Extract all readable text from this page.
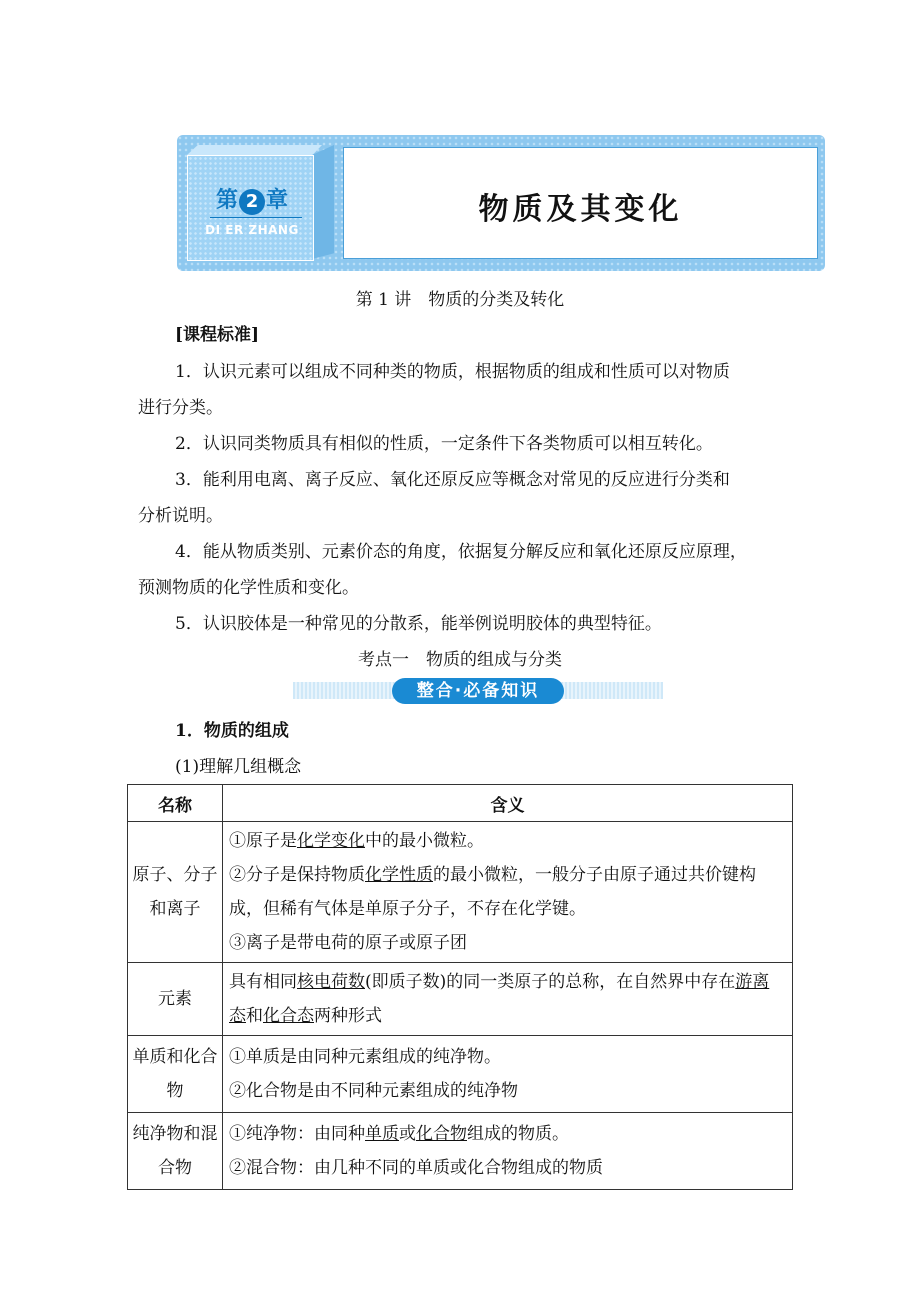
第 2 章
DI ER ZHANG
物质及其变化
第 1 讲　物质的分类及转化
[课程标准]
1．认识元素可以组成不同种类的物质，根据物质的组成和性质可以对物质
进行分类。
2．认识同类物质具有相似的性质，一定条件下各类物质可以相互转化。
3．能利用电离、离子反应、氧化还原反应等概念对常见的反应进行分类和
分析说明。
4．能从物质类别、元素价态的角度，依据复分解反应和氧化还原反应原理，
预测物质的化学性质和变化。
5．认识胶体是一种常见的分散系，能举例说明胶体的典型特征。
考点一　物质的组成与分类
整合·必备知识
1．物质的组成
(1)理解几组概念
名称	含义
原子、分子和离子	①原子是化学变化中的最小微粒。
②分子是保持物质化学性质的最小微粒，一般分子由原子通过共价键构成，但稀有气体是单原子分子，不存在化学键。
③离子是带电荷的原子或原子团

元素	具有相同核电荷数(即质子数)的同一类原子的总称，在自然界中存在游离态和化合态两种形式

单质和化合物	①单质是由同种元素组成的纯净物。
②化合物是由不同种元素组成的纯净物

纯净物和混合物	①纯净物：由同种单质或化合物组成的物质。
②混合物：由几种不同的单质或化合物组成的物质
